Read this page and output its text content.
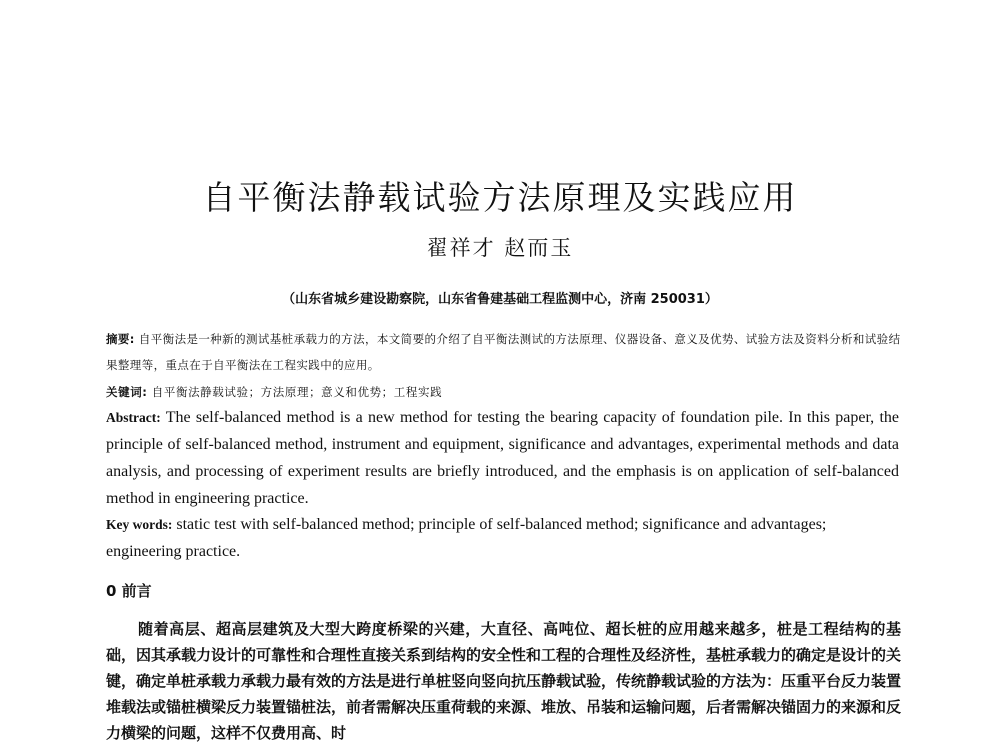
自平衡法静载试验方法原理及实践应用
翟祥才 赵而玉
（山东省城乡建设勘察院，山东省鲁建基础工程监测中心，济南 250031）
摘要: 自平衡法是一种新的测试基桩承载力的方法，本文简要的介绍了自平衡法测试的方法原理、仪器设备、意义及优势、试验方法及资料分析和试验结果整理等，重点在于自平衡法在工程实践中的应用。
关键词: 自平衡法静载试验；方法原理；意义和优势；工程实践
Abstract: The self-balanced method is a new method for testing the bearing capacity of foundation pile. In this paper, the principle of self-balanced method, instrument and equipment, significance and advantages, experimental methods and data analysis, and processing of experiment results are briefly introduced, and the emphasis is on application of self-balanced method in engineering practice.
Key words: static test with self-balanced method; principle of self-balanced method; significance and advantages; engineering practice.
0 前言
随着高层、超高层建筑及大型大跨度桥梁的兴建，大直径、高吨位、超长桩的应用越来越多，桩是工程结构的基础，因其承载力设计的可靠性和合理性直接关系到结构的安全性和工程的合理性及经济性，基桩承载力的确定是设计的关键，确定单桩承载力承载力最有效的方法是进行单桩竖向竖向抗压静载试验，传统静载试验的方法为：压重平台反力装置堆载法或锚桩横梁反力装置锚桩法，前者需解决压重荷载的来源、堆放、吊装和运输问题，后者需解决锚固力的来源和反力横梁的问题，这样不仅费用高、时
